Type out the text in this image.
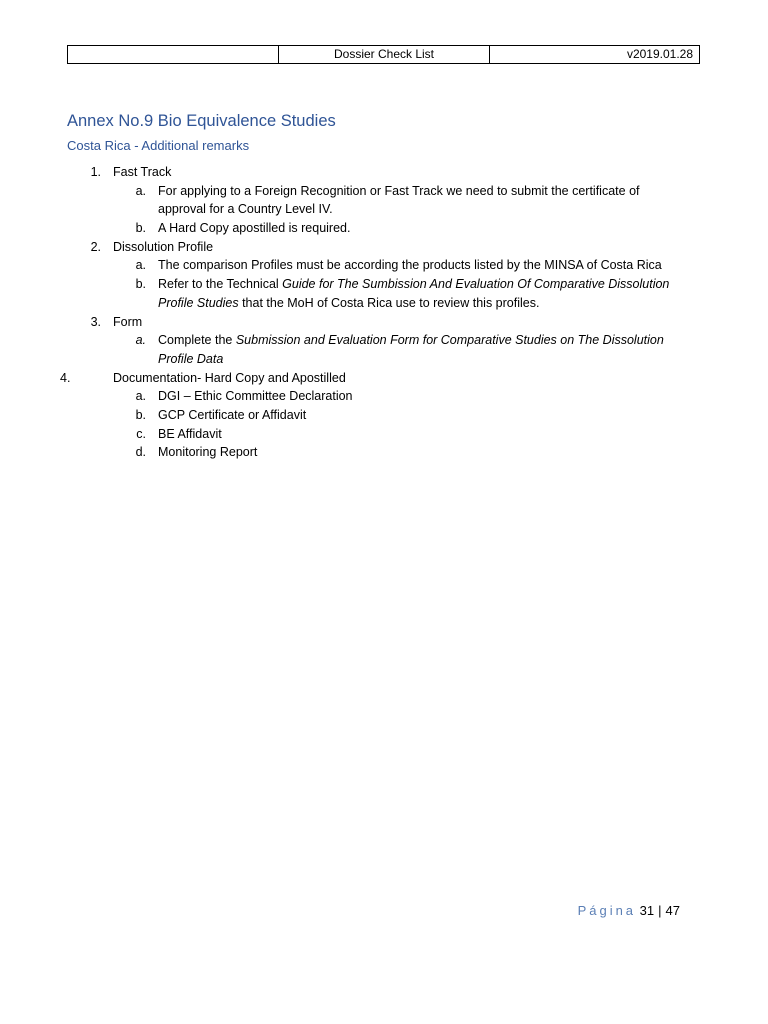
	Dossier Check List	v2019.01.28
Annex No.9 Bio Equivalence Studies
Costa Rica - Additional remarks
1. Fast Track
a. For applying to a Foreign Recognition or Fast Track we need to submit the certificate of
approval for a Country Level IV.
b. A Hard Copy apostilled is required.
2. Dissolution Profile
a. The comparison Profiles must be according the products listed by the MINSA of Costa Rica
b. Refer to the Technical Guide for The Sumbission And Evaluation Of Comparative Dissolution
Profile Studies that the MoH of Costa Rica use to review this profiles.
3. Form
a. Complete the Submission and Evaluation Form for Comparative Studies on The Dissolution
Profile Data
4.	Documentation- Hard Copy and Apostilled
a. DGI – Ethic Committee Declaration
b. GCP Certificate or Affidavit
c. BE Affidavit
d. Monitoring Report
Página 31 | 47
